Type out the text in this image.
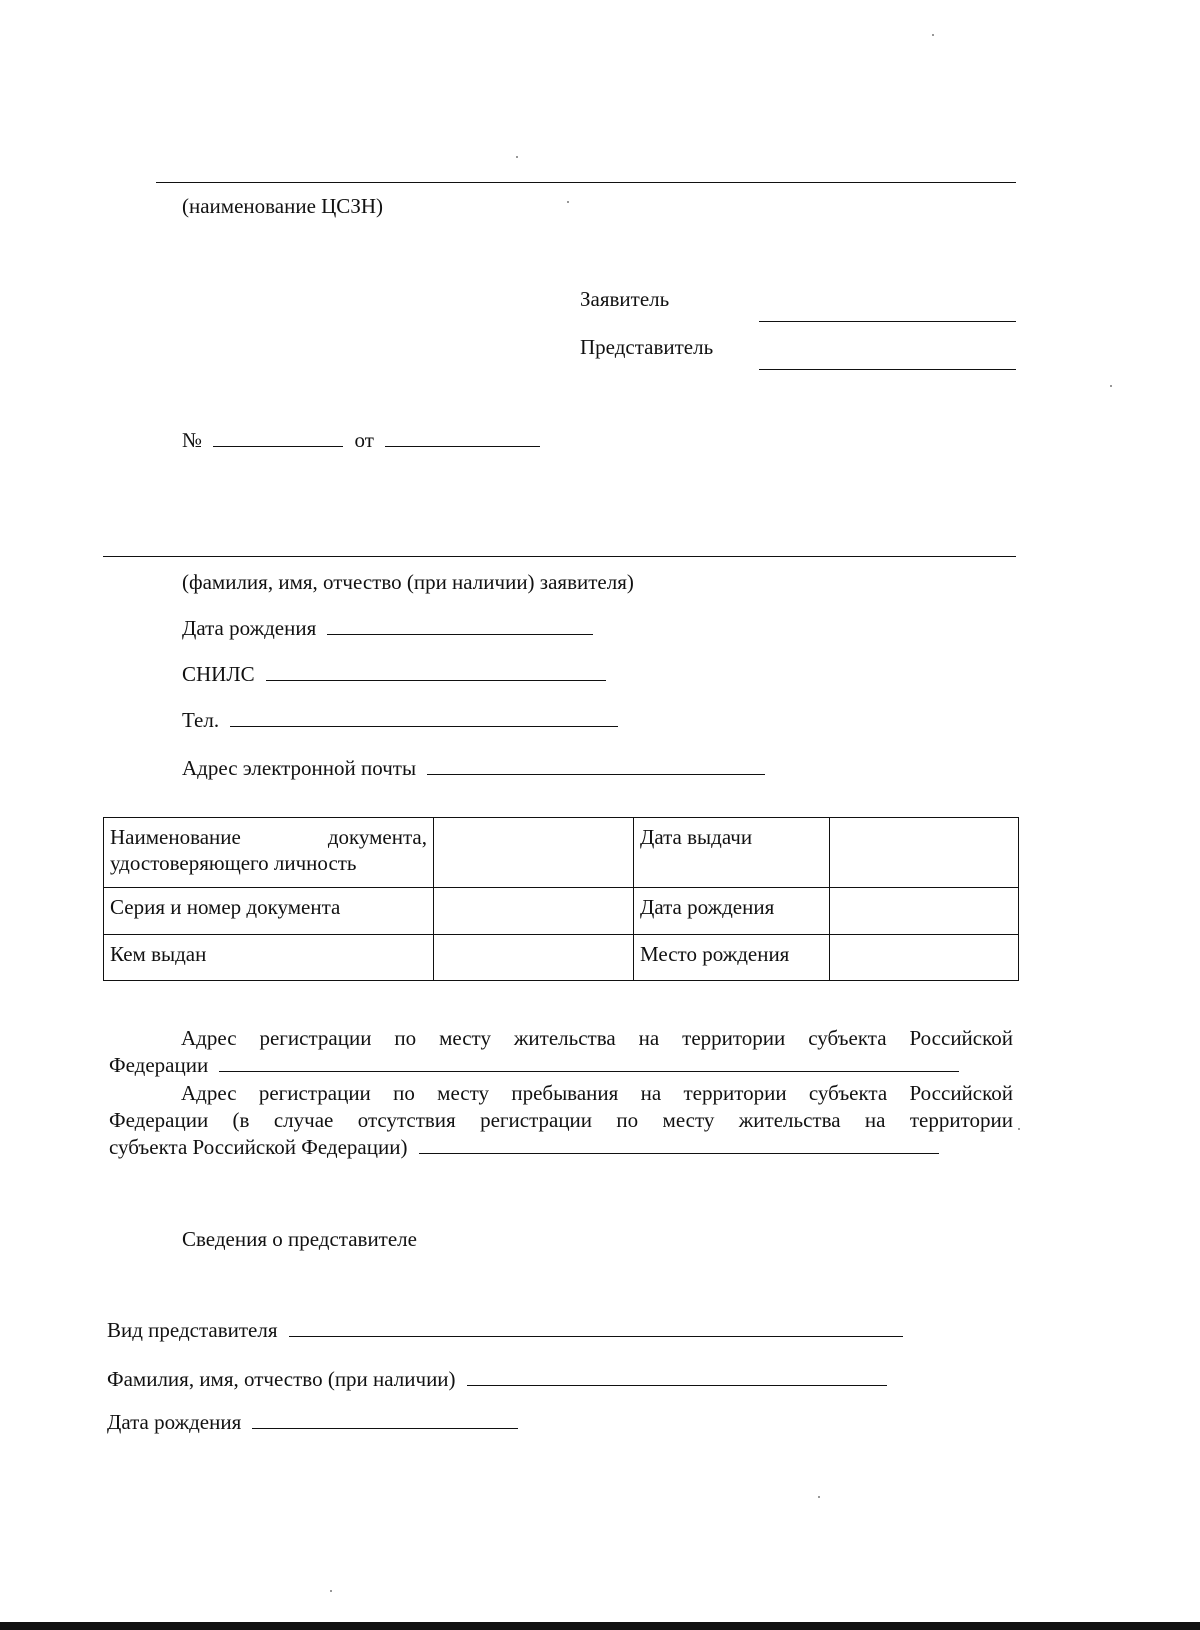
(наименование ЦСЗН)
Заявитель
Представитель
№	от
(фамилия, имя, отчество (при наличии) заявителя)
Дата рождения
СНИЛС
Тел.
Адрес электронной почты
Наименование документа,
удостоверяющего личность		Дата выдачи	
Серия и номер документа		Дата рождения	
Кем выдан		Место рождения	
Адрес регистрации по месту жительства на территории субъекта Российской
Федерации
Адрес регистрации по месту пребывания на территории субъекта Российской
Федерации (в случае отсутствия регистрации по месту жительства на территории
субъекта Российской Федерации)
Сведения о представителе
Вид представителя
Фамилия, имя, отчество (при наличии)
Дата рождения
